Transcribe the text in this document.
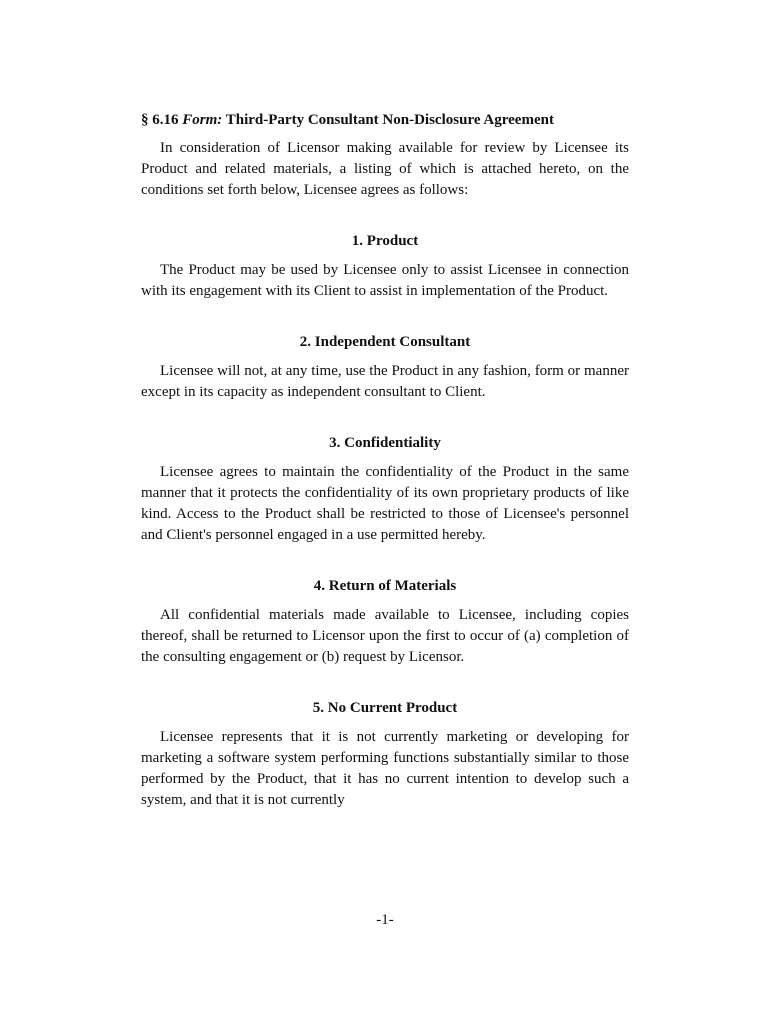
§ 6.16 Form: Third-Party Consultant Non-Disclosure Agreement

In consideration of Licensor making available for review by Licensee its Product and related materials, a listing of which is attached hereto, on the conditions set forth below, Licensee agrees as follows:

1. Product

The Product may be used by Licensee only to assist Licensee in connection with its engagement with its Client to assist in implementation of the Product.

2. Independent Consultant

Licensee will not, at any time, use the Product in any fashion, form or manner except in its capacity as independent consultant to Client.

3. Confidentiality

Licensee agrees to maintain the confidentiality of the Product in the same manner that it protects the confidentiality of its own proprietary products of like kind. Access to the Product shall be restricted to those of Licensee's personnel and Client's personnel engaged in a use permitted hereby.

4. Return of Materials

All confidential materials made available to Licensee, including copies thereof, shall be returned to Licensor upon the first to occur of (a) completion of the consulting engagement or (b) request by Licensor.

5. No Current Product

Licensee represents that it is not currently marketing or developing for marketing a software system performing functions substantially similar to those performed by the Product, that it has no current intention to develop such a system, and that it is not currently

-1-
